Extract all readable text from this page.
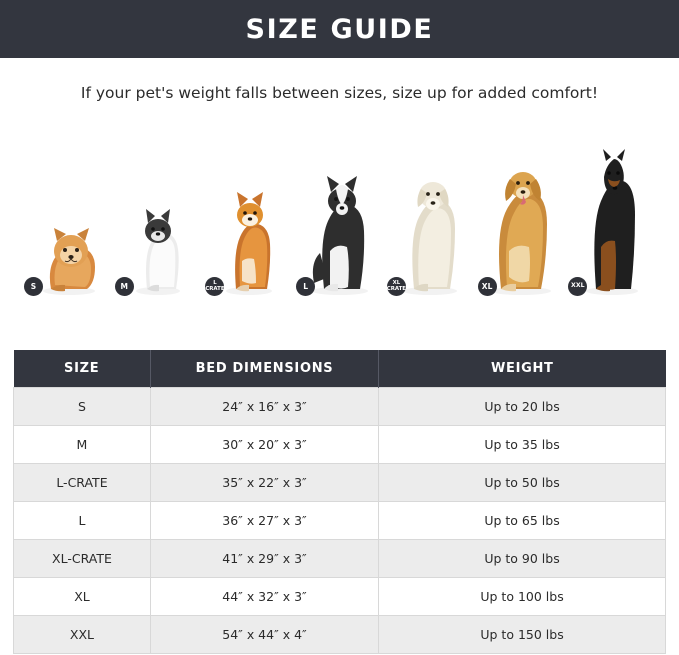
SIZE GUIDE
If your pet's weight falls between sizes, size up for added comfort!
S	M	L
CRATE	L	XL
CRATE	XL	XXL
SIZE	BED DIMENSIONS	WEIGHT
S	24″ x 16″ x 3″	Up to 20 lbs
M	30″ x 20″ x 3″	Up to 35 lbs
L-CRATE	35″ x 22″ x 3″	Up to 50 lbs
L	36″ x 27″ x 3″	Up to 65 lbs
XL-CRATE	41″ x 29″ x 3″	Up to 90 lbs
XL	44″ x 32″ x 3″	Up to 100 lbs
XXL	54″ x 44″ x 4″	Up to 150 lbs
